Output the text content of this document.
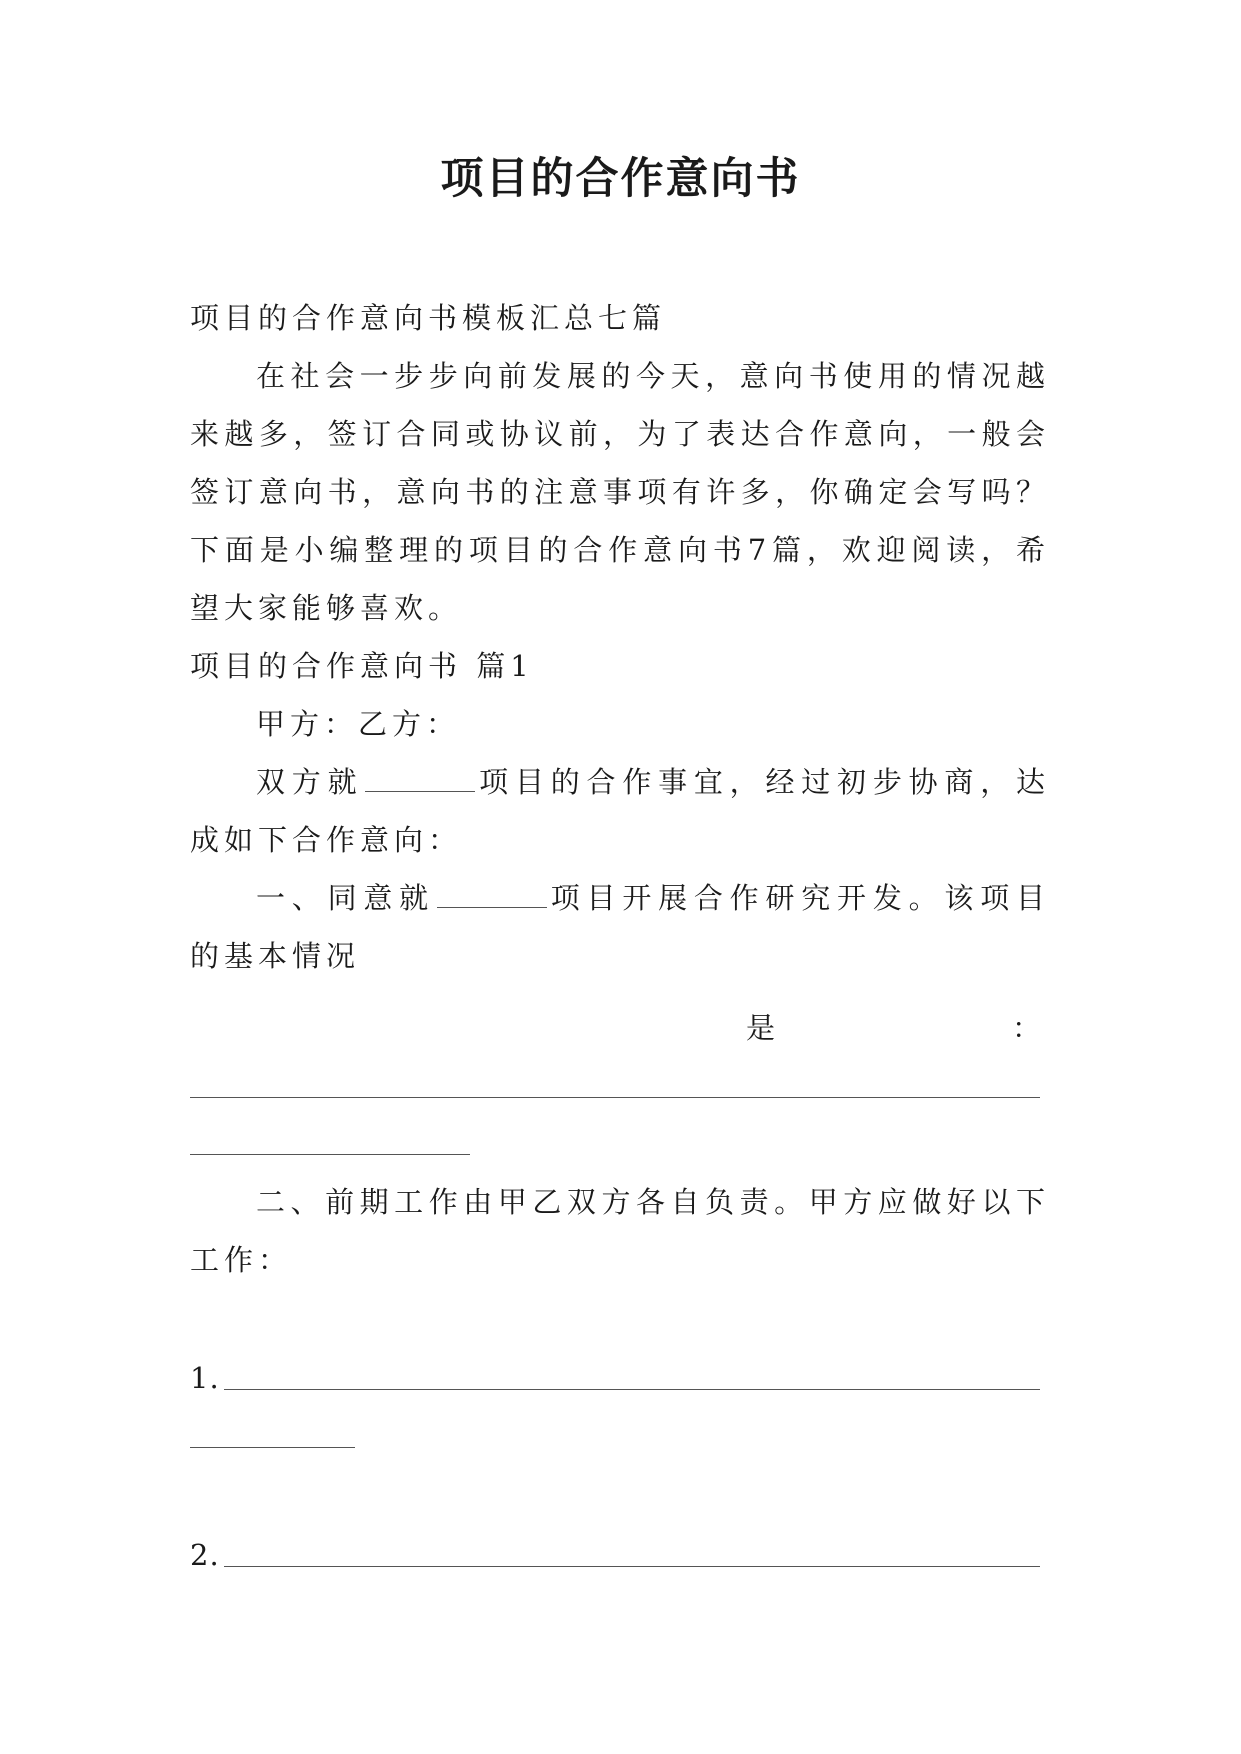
项目的合作意向书

项目的合作意向书模板汇总七篇

在社会一步步向前发展的今天，意向书使用的情况越来越多，签订合同或协议前，为了表达合作意向，一般会签订意向书，意向书的注意事项有许多，你确定会写吗？下面是小编整理的项目的合作意向书7篇，欢迎阅读，希望大家能够喜欢。

项目的合作意向书 篇1

甲方：乙方：

双方就	项目的合作事宜，经过初步协商，达成如下合作意向：

一、同意就	项目开展合作研究开发。该项目的基本情况

是	：

二、前期工作由甲乙双方各自负责。甲方应做好以下工作：

1.
2.
